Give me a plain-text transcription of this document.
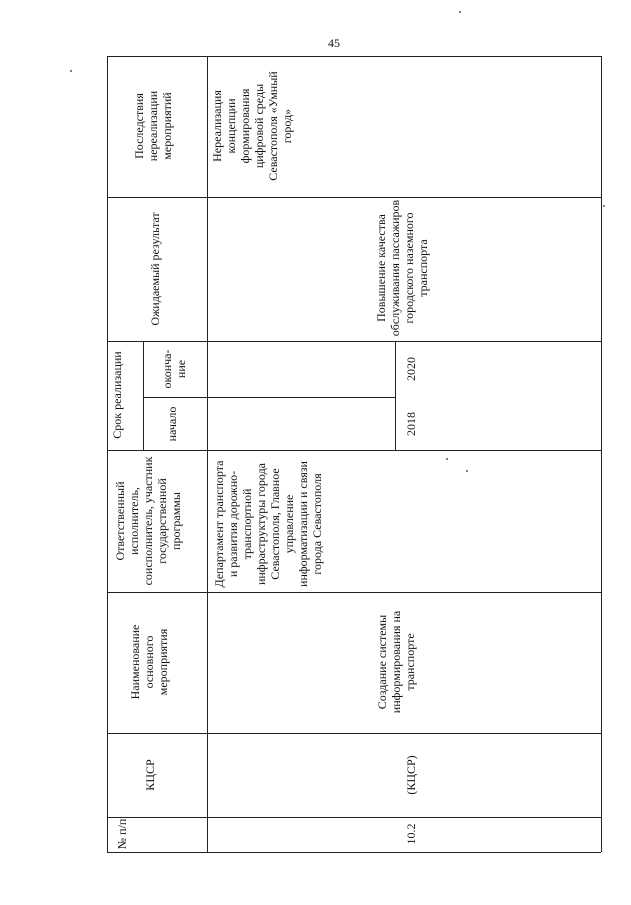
45
№ п/п
КЦСР
Наименование основного мероприятия
Ответственный исполнитель, соисполнитель, участник государственной программы
Срок реализации	начало
оконча-ние
Ожидаемый результат
Последствия нереализации мероприятий
Департамент транспорта и развития дорожно-транспортной инфраструктуры города Севастополя, Главное управление информатизации и связи города Севастополя
Нереализация концепции формирования цифровой среды Севастополя «Умный город»
10.2
(КЦСР)
Создание системы информирования на транспорте
2018
2020
Повышение качества обслуживания пассажиров городского наземного транспорта
